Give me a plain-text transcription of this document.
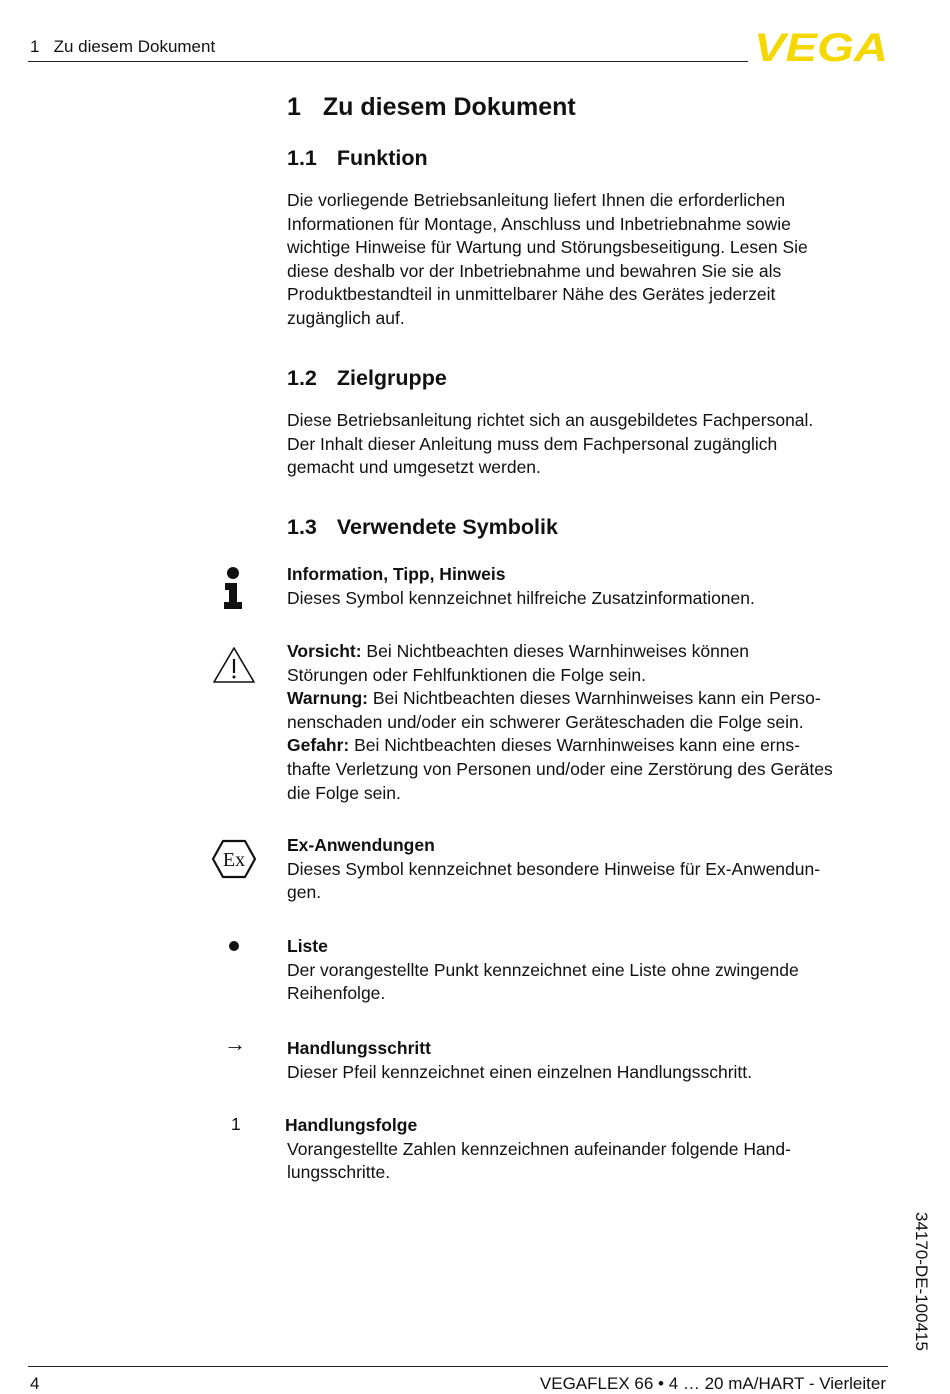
1   Zu diesem Dokument	VEGA
1 Zu diesem Dokument
1.1 Funktion
Die vorliegende Betriebsanleitung liefert Ihnen die erforderlichen
Informationen für Montage, Anschluss und Inbetriebnahme sowie
wichtige Hinweise für Wartung und Störungsbeseitigung. Lesen Sie
diese deshalb vor der Inbetriebnahme und bewahren Sie sie als
Produktbestandteil in unmittelbarer Nähe des Gerätes jederzeit
zugänglich auf.
1.2 Zielgruppe
Diese Betriebsanleitung richtet sich an ausgebildetes Fachpersonal.
Der Inhalt dieser Anleitung muss dem Fachpersonal zugänglich
gemacht und umgesetzt werden.
1.3 Verwendete Symbolik
Information, Tipp, Hinweis
Dieses Symbol kennzeichnet hilfreiche Zusatzinformationen.
Vorsicht: Bei Nichtbeachten dieses Warnhinweises können
Störungen oder Fehlfunktionen die Folge sein.
Warnung: Bei Nichtbeachten dieses Warnhinweises kann ein Perso-
nenschaden und/oder ein schwerer Geräteschaden die Folge sein.
Gefahr: Bei Nichtbeachten dieses Warnhinweises kann eine erns-
thafte Verletzung von Personen und/oder eine Zerstörung des Gerätes
die Folge sein.
Ex
Ex-Anwendungen
Dieses Symbol kennzeichnet besondere Hinweise für Ex-Anwendun-
gen.
Liste
Der vorangestellte Punkt kennzeichnet eine Liste ohne zwingende
Reihenfolge.
→ Handlungsschritt
Dieser Pfeil kennzeichnet einen einzelnen Handlungsschritt.
1	Handlungsfolge
Vorangestellte Zahlen kennzeichnen aufeinander folgende Hand-
lungsschritte.
34170-DE-100415
4	VEGAFLEX 66 • 4 … 20 mA/HART - Vierleiter
